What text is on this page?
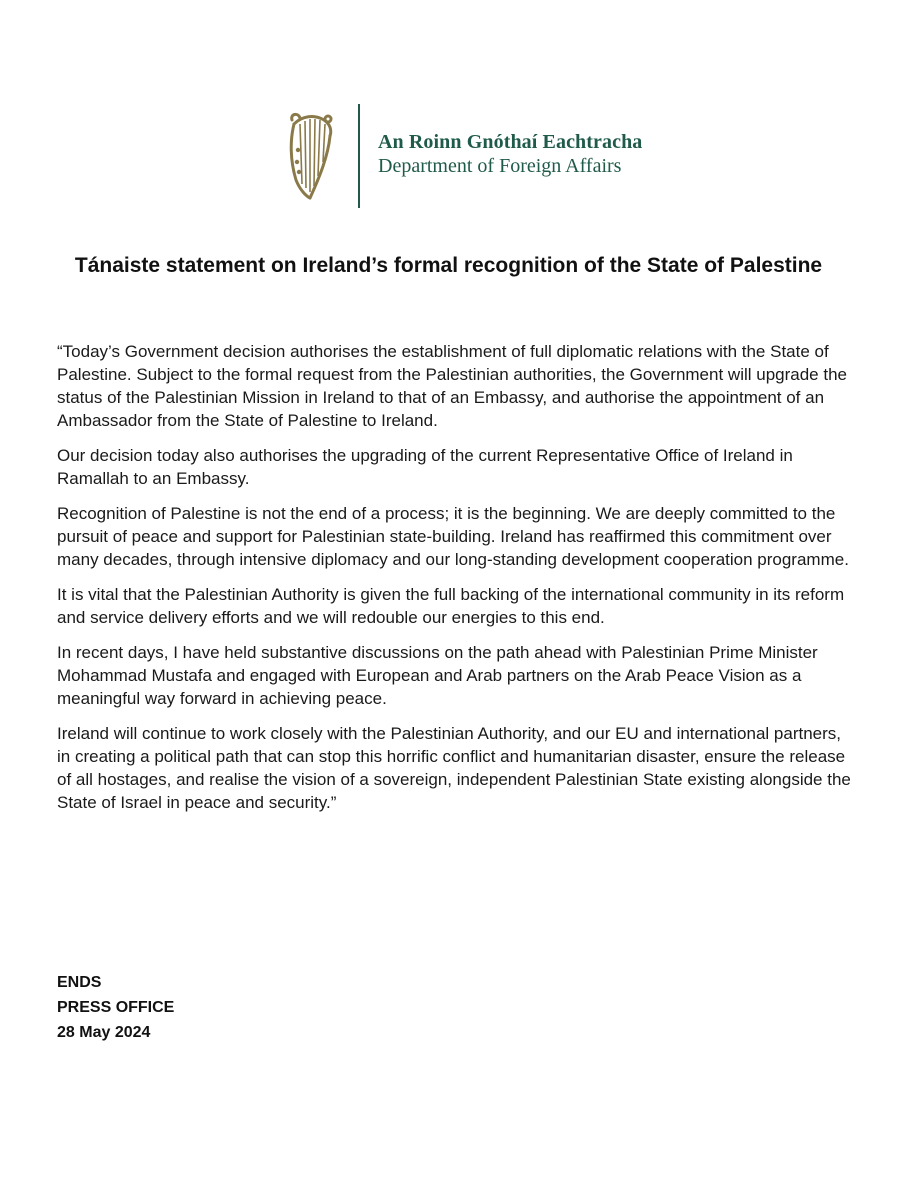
An Roinn Gnóthaí Eachtracha
Department of Foreign Affairs
Tánaiste statement on Ireland’s formal recognition of the State of Palestine

“Today’s Government decision authorises the establishment of full diplomatic relations with the State of Palestine. Subject to the formal request from the Palestinian authorities, the Government will upgrade the status of the Palestinian Mission in Ireland to that of an Embassy, and authorise the appointment of an Ambassador from the State of Palestine to Ireland.

Our decision today also authorises the upgrading of the current Representative Office of Ireland in Ramallah to an Embassy.

Recognition of Palestine is not the end of a process; it is the beginning. We are deeply committed to the pursuit of peace and support for Palestinian state-building. Ireland has reaffirmed this commitment over many decades, through intensive diplomacy and our long-standing development cooperation programme.

It is vital that the Palestinian Authority is given the full backing of the international community in its reform and service delivery efforts and we will redouble our energies to this end.

In recent days, I have held substantive discussions on the path ahead with Palestinian Prime Minister Mohammad Mustafa and engaged with European and Arab partners on the Arab Peace Vision as a meaningful way forward in achieving peace.

Ireland will continue to work closely with the Palestinian Authority, and our EU and international partners, in creating a political path that can stop this horrific conflict and humanitarian disaster, ensure the release of all hostages, and realise the vision of a sovereign, independent Palestinian State existing alongside the State of Israel in peace and security.”

ENDS
PRESS OFFICE
28 May 2024
